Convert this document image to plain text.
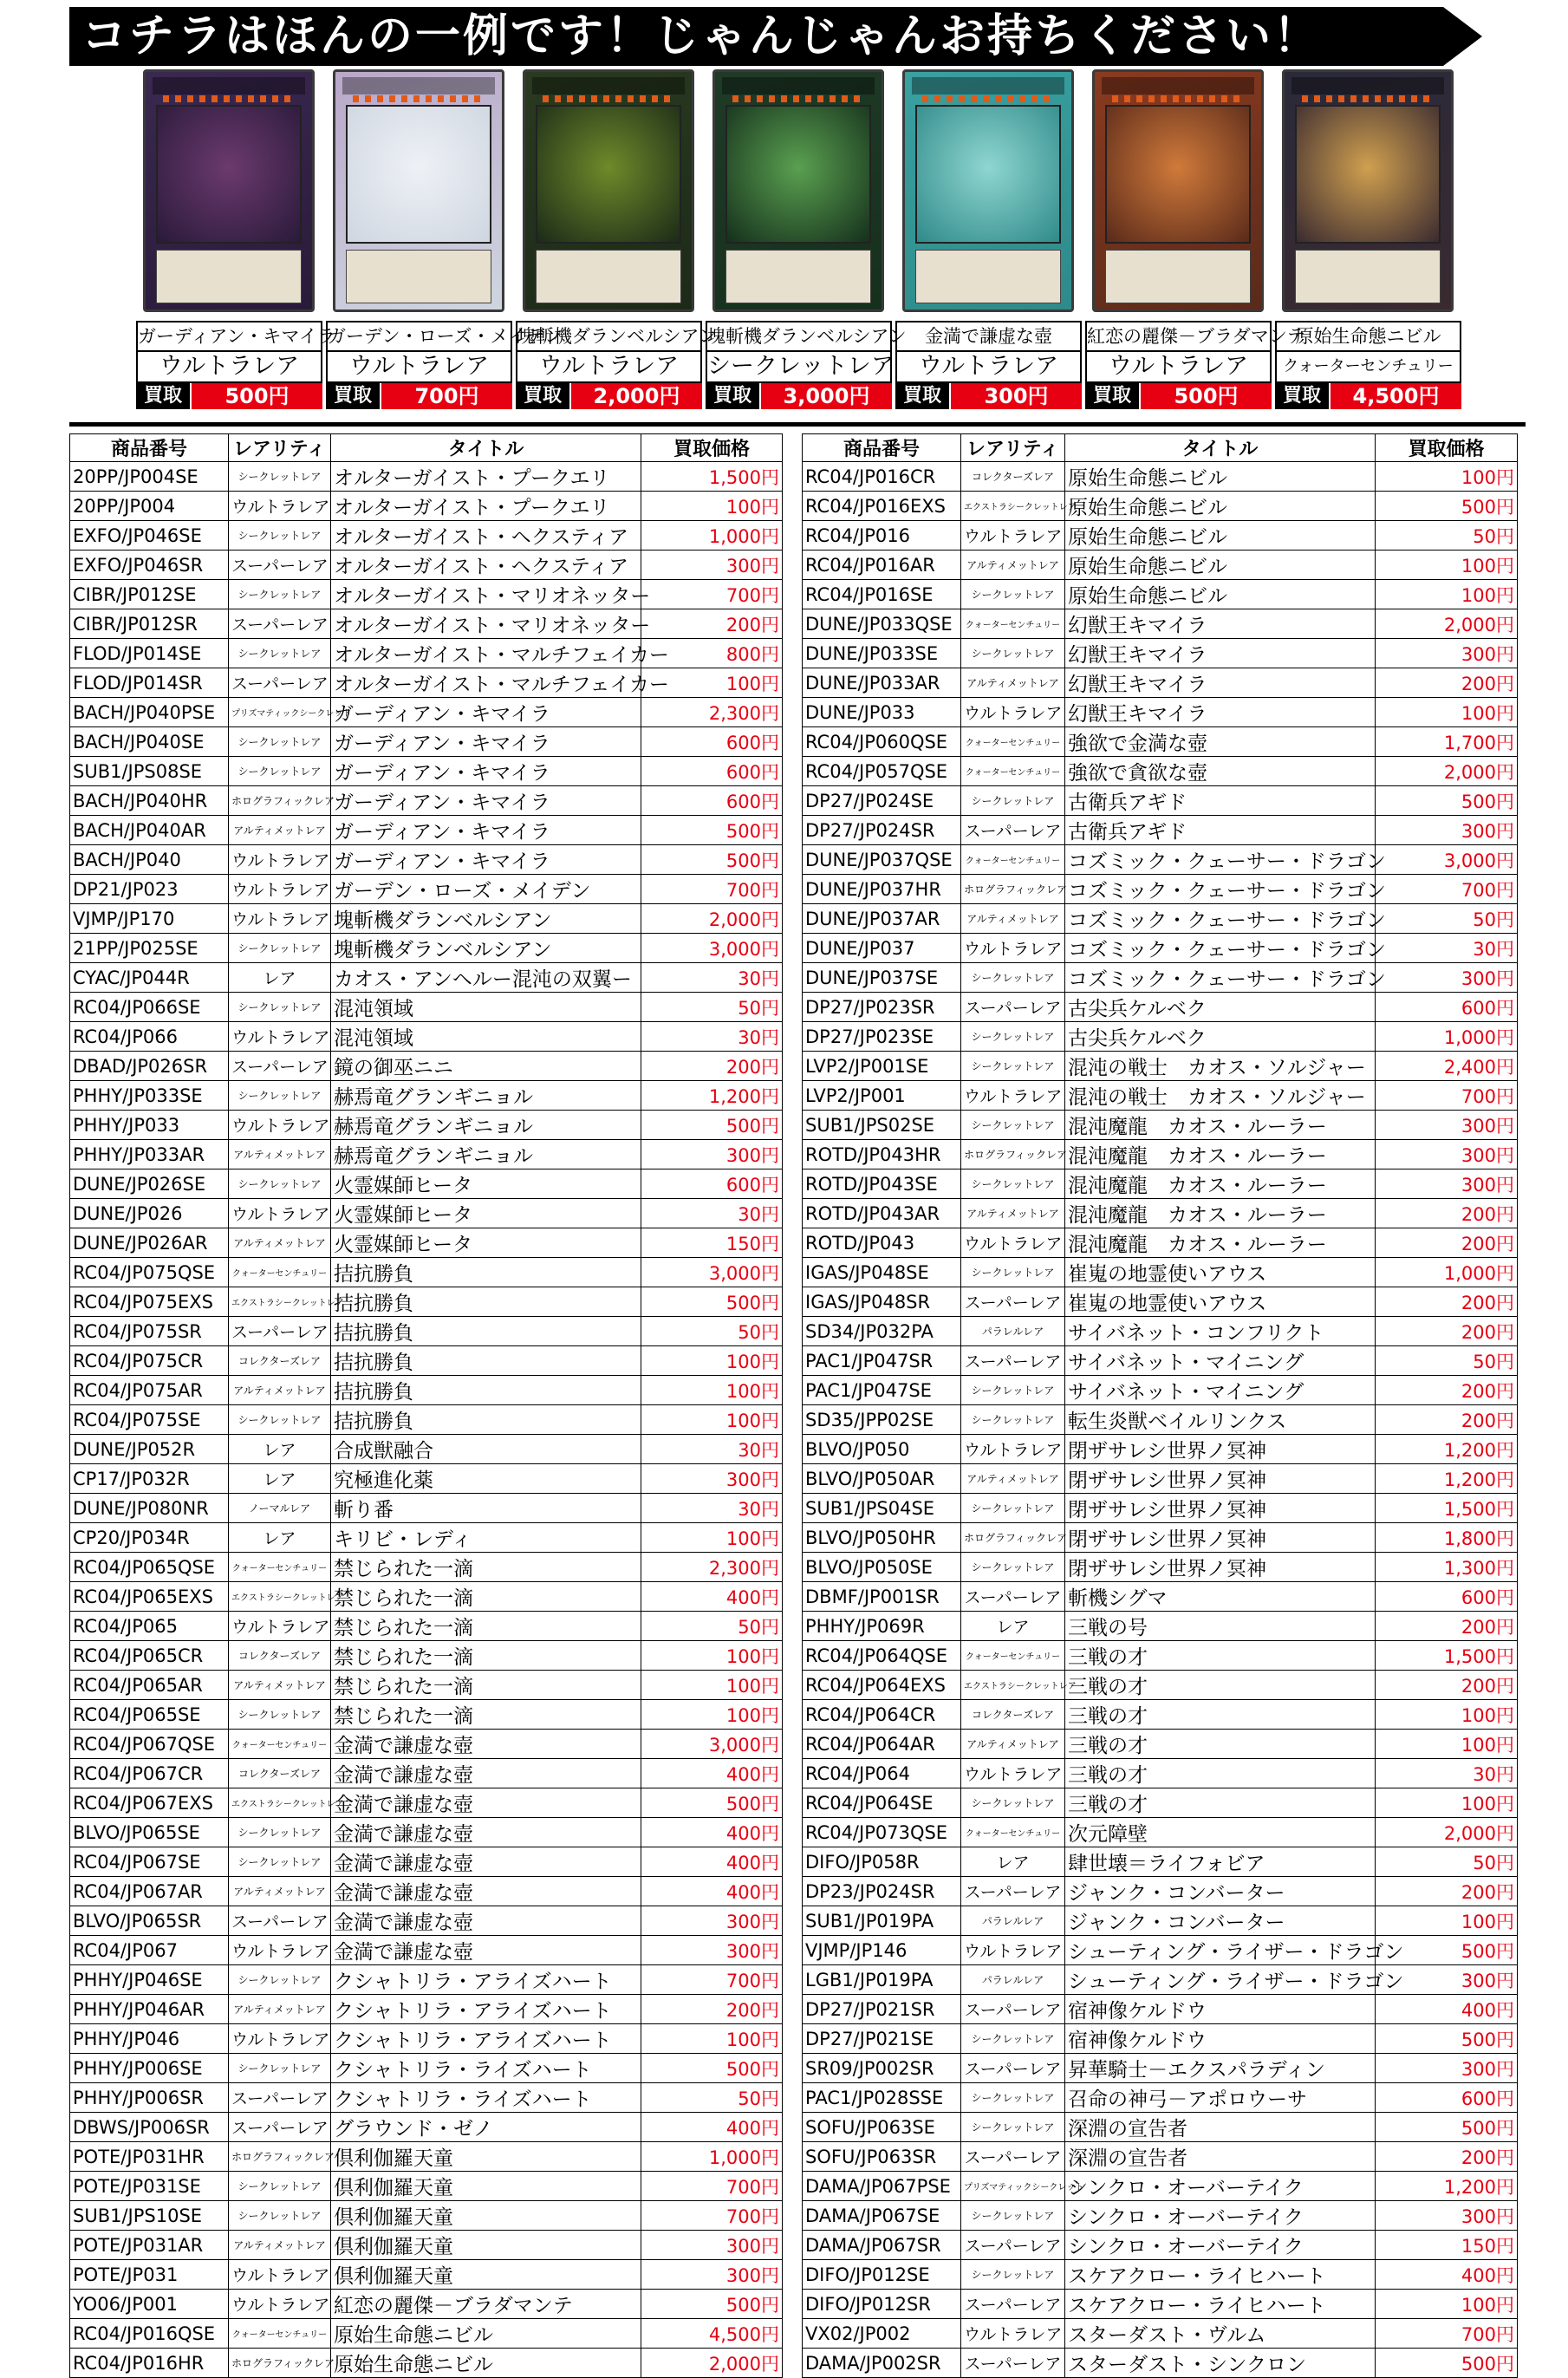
コチラはほんの一例です！じゃんじゃんお持ちください！
ガーディアン・キマイラ
ウルトラレア
買取	500円
ガーデン・ローズ・メイデン
ウルトラレア
買取	700円
塊斬機ダランベルシアン
ウルトラレア
買取	2,000円
塊斬機ダランベルシアン
シークレットレア
買取	3,000円
金満で謙虚な壺
ウルトラレア
買取	300円
紅恋の麗傑－ブラダマンテ
ウルトラレア
買取	500円
原始生命態ニビル
クォーターセンチュリー
買取	4,500円
商品番号	レアリティ	タイトル	買取価格
20PP/JP004SE	シークレットレア	オルターガイスト・プークエリ	1,500円
20PP/JP004	ウルトラレア	オルターガイスト・プークエリ	100円
EXFO/JP046SE	シークレットレア	オルターガイスト・ヘクスティア	1,000円
EXFO/JP046SR	スーパーレア	オルターガイスト・ヘクスティア	300円
CIBR/JP012SE	シークレットレア	オルターガイスト・マリオネッター	700円
CIBR/JP012SR	スーパーレア	オルターガイスト・マリオネッター	200円
FLOD/JP014SE	シークレットレア	オルターガイスト・マルチフェイカー	800円
FLOD/JP014SR	スーパーレア	オルターガイスト・マルチフェイカー	100円
BACH/JP040PSE	プリズマティックシークレット	ガーディアン・キマイラ	2,300円
BACH/JP040SE	シークレットレア	ガーディアン・キマイラ	600円
SUB1/JPS08SE	シークレットレア	ガーディアン・キマイラ	600円
BACH/JP040HR	ホログラフィックレア	ガーディアン・キマイラ	600円
BACH/JP040AR	アルティメットレア	ガーディアン・キマイラ	500円
BACH/JP040	ウルトラレア	ガーディアン・キマイラ	500円
DP21/JP023	ウルトラレア	ガーデン・ローズ・メイデン	700円
VJMP/JP170	ウルトラレア	塊斬機ダランベルシアン	2,000円
21PP/JP025SE	シークレットレア	塊斬機ダランベルシアン	3,000円
CYAC/JP044R	レア	カオス・アンヘルー混沌の双翼ー	30円
RC04/JP066SE	シークレットレア	混沌領域	50円
RC04/JP066	ウルトラレア	混沌領域	30円
DBAD/JP026SR	スーパーレア	鏡の御巫ニニ	200円
PHHY/JP033SE	シークレットレア	赫焉竜グランギニョル	1,200円
PHHY/JP033	ウルトラレア	赫焉竜グランギニョル	500円
PHHY/JP033AR	アルティメットレア	赫焉竜グランギニョル	300円
DUNE/JP026SE	シークレットレア	火霊媒師ヒータ	600円
DUNE/JP026	ウルトラレア	火霊媒師ヒータ	30円
DUNE/JP026AR	アルティメットレア	火霊媒師ヒータ	150円
RC04/JP075QSE	クォーターセンチュリー	拮抗勝負	3,000円
RC04/JP075EXS	エクストラシークレットレア	拮抗勝負	500円
RC04/JP075SR	スーパーレア	拮抗勝負	50円
RC04/JP075CR	コレクターズレア	拮抗勝負	100円
RC04/JP075AR	アルティメットレア	拮抗勝負	100円
RC04/JP075SE	シークレットレア	拮抗勝負	100円
DUNE/JP052R	レア	合成獣融合	30円
CP17/JP032R	レア	究極進化薬	300円
DUNE/JP080NR	ノーマルレア	斬り番	30円
CP20/JP034R	レア	キリビ・レディ	100円
RC04/JP065QSE	クォーターセンチュリー	禁じられた一滴	2,300円
RC04/JP065EXS	エクストラシークレットレア	禁じられた一滴	400円
RC04/JP065	ウルトラレア	禁じられた一滴	50円
RC04/JP065CR	コレクターズレア	禁じられた一滴	100円
RC04/JP065AR	アルティメットレア	禁じられた一滴	100円
RC04/JP065SE	シークレットレア	禁じられた一滴	100円
RC04/JP067QSE	クォーターセンチュリー	金満で謙虚な壺	3,000円
RC04/JP067CR	コレクターズレア	金満で謙虚な壺	400円
RC04/JP067EXS	エクストラシークレットレア	金満で謙虚な壺	500円
BLVO/JP065SE	シークレットレア	金満で謙虚な壺	400円
RC04/JP067SE	シークレットレア	金満で謙虚な壺	400円
RC04/JP067AR	アルティメットレア	金満で謙虚な壺	400円
BLVO/JP065SR	スーパーレア	金満で謙虚な壺	300円
RC04/JP067	ウルトラレア	金満で謙虚な壺	300円
PHHY/JP046SE	シークレットレア	クシャトリラ・アライズハート	700円
PHHY/JP046AR	アルティメットレア	クシャトリラ・アライズハート	200円
PHHY/JP046	ウルトラレア	クシャトリラ・アライズハート	100円
PHHY/JP006SE	シークレットレア	クシャトリラ・ライズハート	500円
PHHY/JP006SR	スーパーレア	クシャトリラ・ライズハート	50円
DBWS/JP006SR	スーパーレア	グラウンド・ゼノ	400円
POTE/JP031HR	ホログラフィックレア	倶利伽羅天童	1,000円
POTE/JP031SE	シークレットレア	倶利伽羅天童	700円
SUB1/JPS10SE	シークレットレア	倶利伽羅天童	700円
POTE/JP031AR	アルティメットレア	倶利伽羅天童	300円
POTE/JP031	ウルトラレア	倶利伽羅天童	300円
YO06/JP001	ウルトラレア	紅恋の麗傑－ブラダマンテ	500円
RC04/JP016QSE	クォーターセンチュリー	原始生命態ニビル	4,500円
RC04/JP016HR	ホログラフィックレア	原始生命態ニビル	2,000円
商品番号	レアリティ	タイトル	買取価格
RC04/JP016CR	コレクターズレア	原始生命態ニビル	100円
RC04/JP016EXS	エクストラシークレットレア	原始生命態ニビル	500円
RC04/JP016	ウルトラレア	原始生命態ニビル	50円
RC04/JP016AR	アルティメットレア	原始生命態ニビル	100円
RC04/JP016SE	シークレットレア	原始生命態ニビル	100円
DUNE/JP033QSE	クォーターセンチュリー	幻獣王キマイラ	2,000円
DUNE/JP033SE	シークレットレア	幻獣王キマイラ	300円
DUNE/JP033AR	アルティメットレア	幻獣王キマイラ	200円
DUNE/JP033	ウルトラレア	幻獣王キマイラ	100円
RC04/JP060QSE	クォーターセンチュリー	強欲で金満な壺	1,700円
RC04/JP057QSE	クォーターセンチュリー	強欲で貪欲な壺	2,000円
DP27/JP024SE	シークレットレア	古衛兵アギド	500円
DP27/JP024SR	スーパーレア	古衛兵アギド	300円
DUNE/JP037QSE	クォーターセンチュリー	コズミック・クェーサー・ドラゴン	3,000円
DUNE/JP037HR	ホログラフィックレア	コズミック・クェーサー・ドラゴン	700円
DUNE/JP037AR	アルティメットレア	コズミック・クェーサー・ドラゴン	50円
DUNE/JP037	ウルトラレア	コズミック・クェーサー・ドラゴン	30円
DUNE/JP037SE	シークレットレア	コズミック・クェーサー・ドラゴン	300円
DP27/JP023SR	スーパーレア	古尖兵ケルベク	600円
DP27/JP023SE	シークレットレア	古尖兵ケルベク	1,000円
LVP2/JP001SE	シークレットレア	混沌の戦士　カオス・ソルジャー	2,400円
LVP2/JP001	ウルトラレア	混沌の戦士　カオス・ソルジャー	700円
SUB1/JPS02SE	シークレットレア	混沌魔龍　カオス・ルーラー	300円
ROTD/JP043HR	ホログラフィックレア	混沌魔龍　カオス・ルーラー	300円
ROTD/JP043SE	シークレットレア	混沌魔龍　カオス・ルーラー	300円
ROTD/JP043AR	アルティメットレア	混沌魔龍　カオス・ルーラー	200円
ROTD/JP043	ウルトラレア	混沌魔龍　カオス・ルーラー	200円
IGAS/JP048SE	シークレットレア	崔嵬の地霊使いアウス	1,000円
IGAS/JP048SR	スーパーレア	崔嵬の地霊使いアウス	200円
SD34/JP032PA	パラレルレア	サイバネット・コンフリクト	200円
PAC1/JP047SR	スーパーレア	サイバネット・マイニング	50円
PAC1/JP047SE	シークレットレア	サイバネット・マイニング	200円
SD35/JPP02SE	シークレットレア	転生炎獣ベイルリンクス	200円
BLVO/JP050	ウルトラレア	閉ザサレシ世界ノ冥神	1,200円
BLVO/JP050AR	アルティメットレア	閉ザサレシ世界ノ冥神	1,200円
SUB1/JPS04SE	シークレットレア	閉ザサレシ世界ノ冥神	1,500円
BLVO/JP050HR	ホログラフィックレア	閉ザサレシ世界ノ冥神	1,800円
BLVO/JP050SE	シークレットレア	閉ザサレシ世界ノ冥神	1,300円
DBMF/JP001SR	スーパーレア	斬機シグマ	600円
PHHY/JP069R	レア	三戦の号	200円
RC04/JP064QSE	クォーターセンチュリー	三戦の才	1,500円
RC04/JP064EXS	エクストラシークレットレア	三戦の才	200円
RC04/JP064CR	コレクターズレア	三戦の才	100円
RC04/JP064AR	アルティメットレア	三戦の才	100円
RC04/JP064	ウルトラレア	三戦の才	30円
RC04/JP064SE	シークレットレア	三戦の才	100円
RC04/JP073QSE	クォーターセンチュリー	次元障壁	2,000円
DIFO/JP058R	レア	肆世壊＝ライフォビア	50円
DP23/JP024SR	スーパーレア	ジャンク・コンバーター	200円
SUB1/JP019PA	パラレルレア	ジャンク・コンバーター	100円
VJMP/JP146	ウルトラレア	シューティング・ライザー・ドラゴン	500円
LGB1/JP019PA	パラレルレア	シューティング・ライザー・ドラゴン	300円
DP27/JP021SR	スーパーレア	宿神像ケルドウ	400円
DP27/JP021SE	シークレットレア	宿神像ケルドウ	500円
SR09/JP002SR	スーパーレア	昇華騎士－エクスパラディン	300円
PAC1/JP028SSE	シークレットレア	召命の神弓－アポロウーサ	600円
SOFU/JP063SE	シークレットレア	深淵の宣告者	500円
SOFU/JP063SR	スーパーレア	深淵の宣告者	200円
DAMA/JP067PSE	プリズマティックシークレット	シンクロ・オーバーテイク	1,200円
DAMA/JP067SE	シークレットレア	シンクロ・オーバーテイク	300円
DAMA/JP067SR	スーパーレア	シンクロ・オーバーテイク	150円
DIFO/JP012SE	シークレットレア	スケアクロー・ライヒハート	400円
DIFO/JP012SR	スーパーレア	スケアクロー・ライヒハート	100円
VX02/JP002	ウルトラレア	スターダスト・ヴルム	700円
DAMA/JP002SR	スーパーレア	スターダスト・シンクロン	500円
